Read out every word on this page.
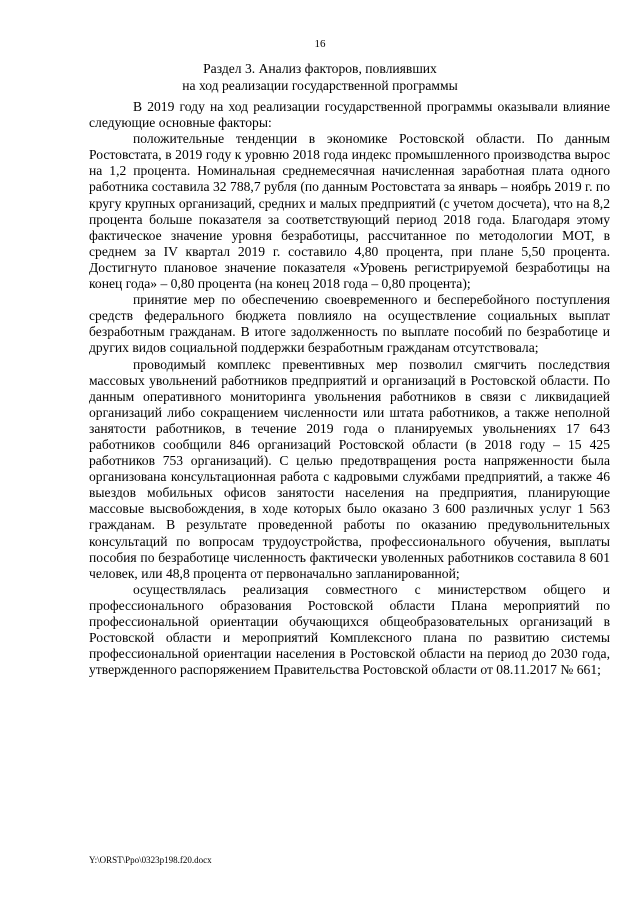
16
Раздел 3. Анализ факторов, повлиявших
на ход реализации государственной программы

В 2019 году на ход реализации государственной программы оказывали влияние следующие основные факторы:

положительные тенденции в экономике Ростовской области. По данным Ростовстата, в 2019 году к уровню 2018 года индекс промышленного производства вырос на 1,2 процента. Номинальная среднемесячная начисленная заработная плата одного работника составила 32 788,7 рубля (по данным Ростовстата за январь – ноябрь 2019 г. по кругу крупных организаций, средних и малых предприятий (с учетом досчета), что на 8,2 процента больше показателя за соответствующий период 2018 года. Благодаря этому фактическое значение уровня безработицы, рассчитанное по методологии МОТ, в среднем за IV квартал 2019 г. составило 4,80 процента, при плане 5,50 процента. Достигнуто плановое значение показателя «Уровень регистрируемой безработицы на конец года» – 0,80 процента (на конец 2018 года – 0,80 процента);

принятие мер по обеспечению своевременного и бесперебойного поступления средств федерального бюджета повлияло на осуществление социальных выплат безработным гражданам. В итоге задолженность по выплате пособий по безработице и других видов социальной поддержки безработным гражданам отсутствовала;

проводимый комплекс превентивных мер позволил смягчить последствия массовых увольнений работников предприятий и организаций в Ростовской области. По данным оперативного мониторинга увольнения работников в связи с ликвидацией организаций либо сокращением численности или штата работников, а также неполной занятости работников, в течение 2019 года о планируемых увольнениях 17 643 работников сообщили 846 организаций Ростовской области (в 2018 году – 15 425 работников 753 организаций). С целью предотвращения роста напряженности была организована консультационная работа с кадровыми службами предприятий, а также 46 выездов мобильных офисов занятости населения на предприятия, планирующие массовые высвобождения, в ходе которых было оказано 3 600 различных услуг 1 563 гражданам. В результате проведенной работы по оказанию предувольнительных консультаций по вопросам трудоустройства, профессионального обучения, выплаты пособия по безработице численность фактически уволенных работников составила 8 601 человек, или 48,8 процента от первоначально запланированной;

осуществлялась реализация совместного с министерством общего и профессионального образования Ростовской области Плана мероприятий по профессиональной ориентации обучающихся общеобразовательных организаций в Ростовской области и мероприятий Комплексного плана по развитию системы профессиональной ориентации населения в Ростовской области на период до 2030 года, утвержденного распоряжением Правительства Ростовской области от 08.11.2017 № 661;

Y:\ORST\Ppo\0323p198.f20.docx
